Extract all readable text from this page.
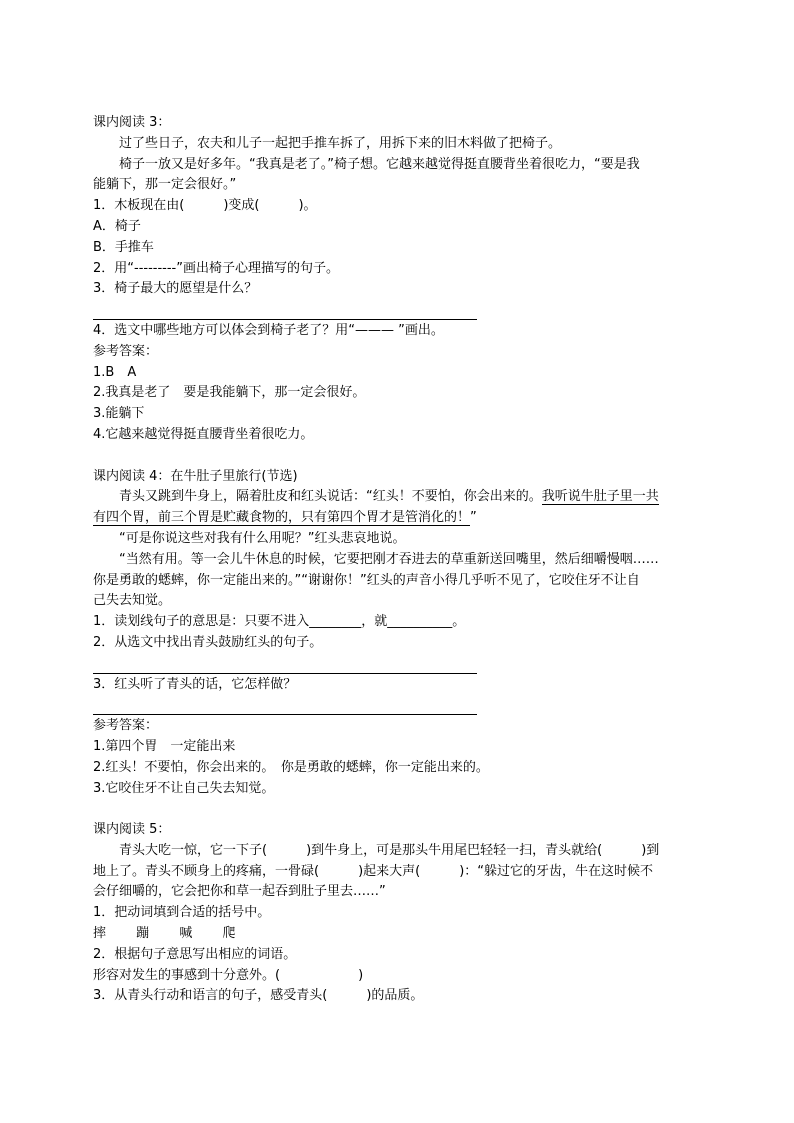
课内阅读 3：
过了些日子，农夫和儿子一起把手推车拆了，用拆下来的旧木料做了把椅子。
椅子一放又是好多年。“我真是老了。”椅子想。它越来越觉得挺直腰背坐着很吃力，“要是我
能躺下，那一定会很好。”
1．木板现在由(　　　)变成(　　　)。
A．椅子
B．手推车
2．用“---------”画出椅子心理描写的句子。
3．椅子最大的愿望是什么？
4．选文中哪些地方可以体会到椅子老了？用“——— ”画出。
参考答案：
1.B　A
2.我真是老了　要是我能躺下，那一定会很好。
3.能躺下
4.它越来越觉得挺直腰背坐着很吃力。
课内阅读 4：在牛肚子里旅行(节选)
青头又跳到牛身上，隔着肚皮和红头说话：“红头！不要怕，你会出来的。我听说牛肚子里一共
有四个胃，前三个胃是贮藏食物的，只有第四个胃才是管消化的！”
“可是你说这些对我有什么用呢？”红头悲哀地说。
“当然有用。等一会儿牛休息的时候，它要把刚才吞进去的草重新送回嘴里，然后细嚼慢咽……
你是勇敢的蟋蟀，你一定能出来的。”“谢谢你！”红头的声音小得几乎听不见了，它咬住牙不让自
己失去知觉。
1．读划线句子的意思是：只要不进入________，就__________。
2．从选文中找出青头鼓励红头的句子。
3．红头听了青头的话，它怎样做？
参考答案：
1.第四个胃　一定能出来
2.红头！不要怕，你会出来的。　你是勇敢的蟋蟀，你一定能出来的。
3.它咬住牙不让自己失去知觉。
课内阅读 5：
青头大吃一惊，它一下子(　　　)到牛身上，可是那头牛用尾巴轻轻一扫，青头就给(　　　)到
地上了。青头不顾身上的疼痛，一骨碌(　　　)起来大声(　　　)：“躲过它的牙齿，牛在这时候不
会仔细嚼的，它会把你和草一起吞到肚子里去……”
1．把动词填到合适的括号中。
摔 蹦 喊 爬
2．根据句子意思写出相应的词语。
形容对发生的事感到十分意外。(　　　　　　)
3．从青头行动和语言的句子，感受青头(　　　)的品质。
